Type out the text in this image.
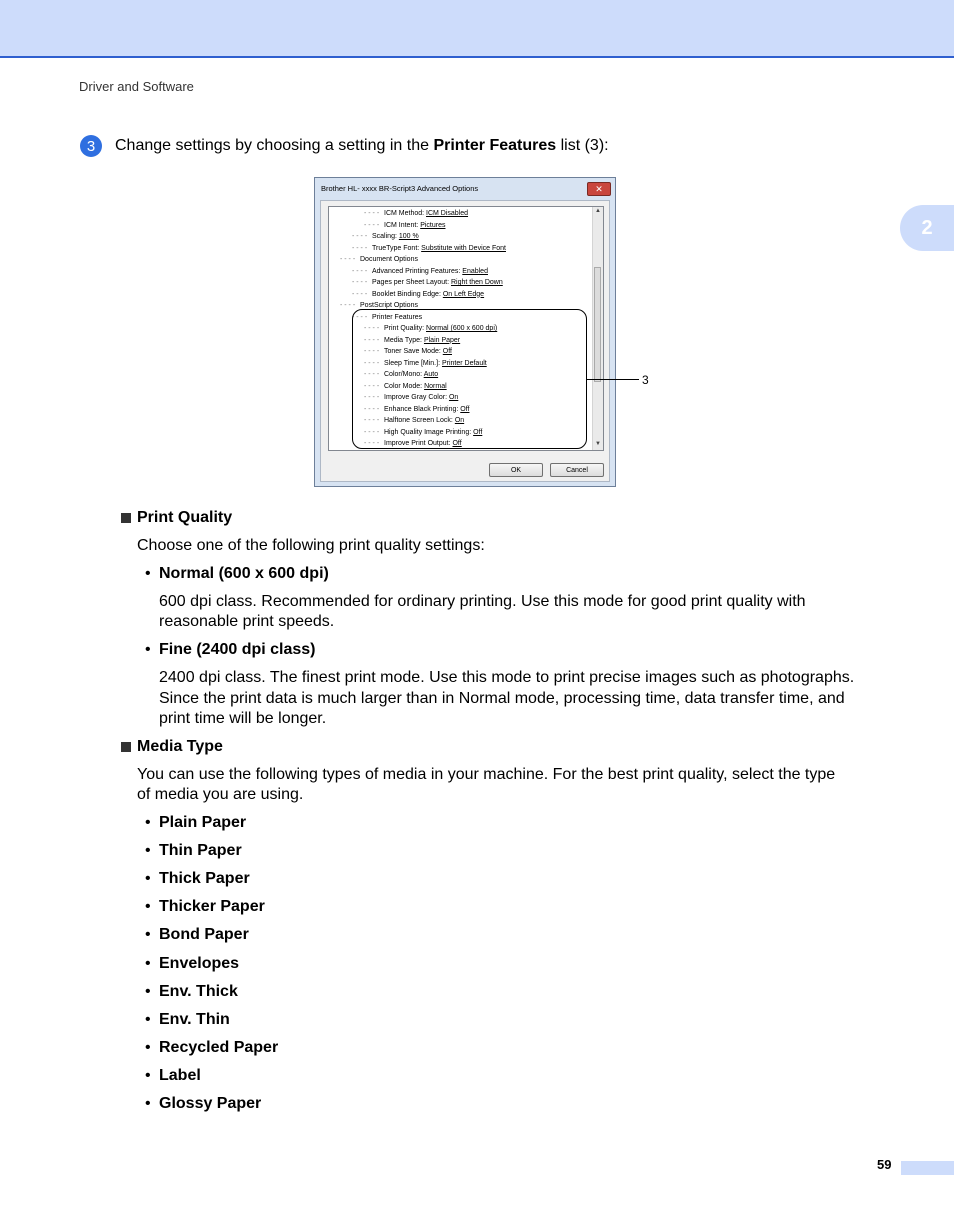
Driver and Software
2
3	Change settings by choosing a setting in the Printer Features list (3):
Brother HL- xxxx BR-Script3 Advanced Options	✕
▲
▼
ICM Method: ICM Disabled
- - - -
ICM Intent: Pictures
- - - -
Scaling: 100 %
- - - -
TrueType Font: Substitute with Device Font
- - - -
Document Options
- - - -
Advanced Printing Features: Enabled
- - - -
Pages per Sheet Layout: Right then Down
- - - -
Booklet Binding Edge: On Left Edge
- - - -
PostScript Options
- - - -
Printer Features
- - - -
Print Quality: Normal (600 x 600 dpi)
- - - -
Media Type: Plain Paper
- - - -
Toner Save Mode: Off
- - - -
Sleep Time [Min.]: Printer Default
- - - -
Color/Mono: Auto
- - - -
Color Mode: Normal
- - - -
Improve Gray Color: On
- - - -
Enhance Black Printing: Off
- - - -
Halftone Screen Lock: On
- - - -
High Quality Image Printing: Off
- - - -
Improve Print Output: Off
- - - -
OK	Cancel
3
Print Quality
Choose one of the following print quality settings:
• Normal (600 x 600 dpi)
600 dpi class. Recommended for ordinary printing. Use this mode for good print quality with
reasonable print speeds.
• Fine (2400 dpi class)
2400 dpi class. The finest print mode. Use this mode to print precise images such as photographs.
Since the print data is much larger than in Normal mode, processing time, data transfer time, and
print time will be longer.
Media Type
You can use the following types of media in your machine. For the best print quality, select the type
of media you are using.
• Plain Paper
• Thin Paper
• Thick Paper
• Thicker Paper
• Bond Paper
• Envelopes
• Env. Thick
• Env. Thin
• Recycled Paper
• Label
• Glossy Paper
59
